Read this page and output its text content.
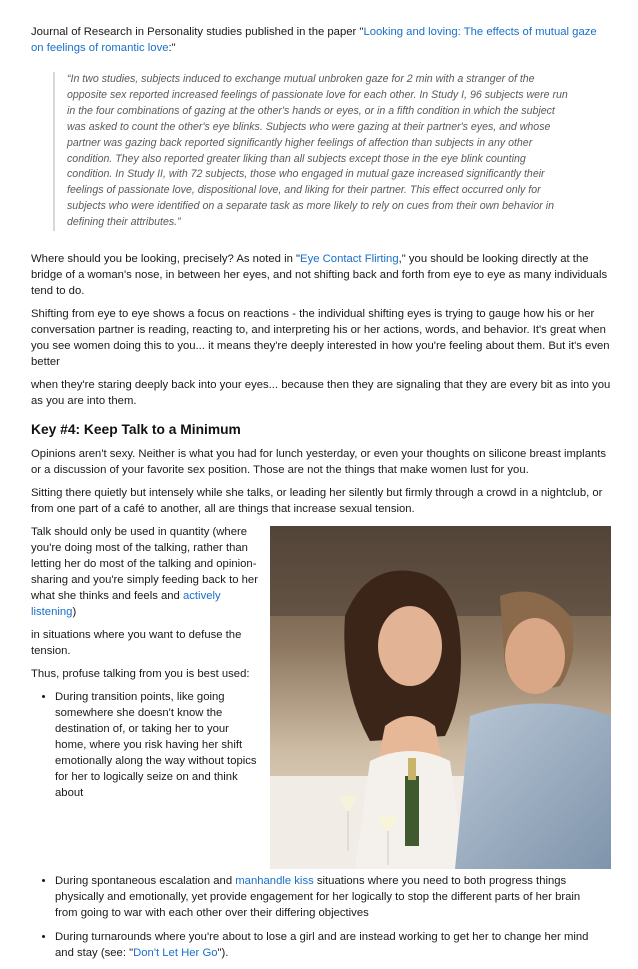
Journal of Research in Personality studies published in the paper "Looking and loving: The effects of mutual gaze on feelings of romantic love:"

“In two studies, subjects induced to exchange mutual unbroken gaze for 2 min with a stranger of the opposite sex reported increased feelings of passionate love for each other. In Study I, 96 subjects were run in the four combinations of gazing at the other's hands or eyes, or in a fifth condition in which the subject was asked to count the other's eye blinks. Subjects who were gazing at their partner's eyes, and whose partner was gazing back reported significantly higher feelings of affection than subjects in any other condition. They also reported greater liking than all subjects except those in the eye blink counting condition. In Study II, with 72 subjects, those who engaged in mutual gaze increased significantly their feelings of passionate love, dispositional love, and liking for their partner. This effect occurred only for subjects who were identified on a separate task as more likely to rely on cues from their own behavior in defining their attributes.”

Where should you be looking, precisely? As noted in "Eye Contact Flirting," you should be looking directly at the bridge of a woman's nose, in between her eyes, and not shifting back and forth from eye to eye as many individuals tend to do.

Shifting from eye to eye shows a focus on reactions - the individual shifting eyes is trying to gauge how his or her conversation partner is reading, reacting to, and interpreting his or her actions, words, and behavior. It's great when you see women doing this to you... it means they're deeply interested in how you're feeling about them. But it's even better

when they're staring deeply back into your eyes... because then they are signaling that they are every bit as into you as you are into them.

Key #4: Keep Talk to a Minimum

Opinions aren't sexy. Neither is what you had for lunch yesterday, or even your thoughts on silicone breast implants or a discussion of your favorite sex position. Those are not the things that make women lust for you.

Sitting there quietly but intensely while she talks, or leading her silently but firmly through a crowd in a nightclub, or from one part of a café to another, all are things that increase sexual tension.

Talk should only be used in quantity (where you're doing most of the talking, rather than letting her do most of the talking and opinion-sharing and you're simply feeding back to her what she thinks and feels and actively listening)

in situations where you want to defuse the tension.

Thus, profuse talking from you is best used:

• During transition points, like going somewhere she doesn't know the destination of, or taking her to your home, where you risk having her shift emotionally along the way without topics for her to logically seize on and think about
• During spontaneous escalation and manhandle kiss situations where you need to both progress things physically and emotionally, yet provide engagement for her logically to stop the different parts of her brain from going to war with each other over their differing objectives
• During turnarounds where you're about to lose a girl and are instead working to get her to change her mind and stay (see: "Don't Let Her Go").
